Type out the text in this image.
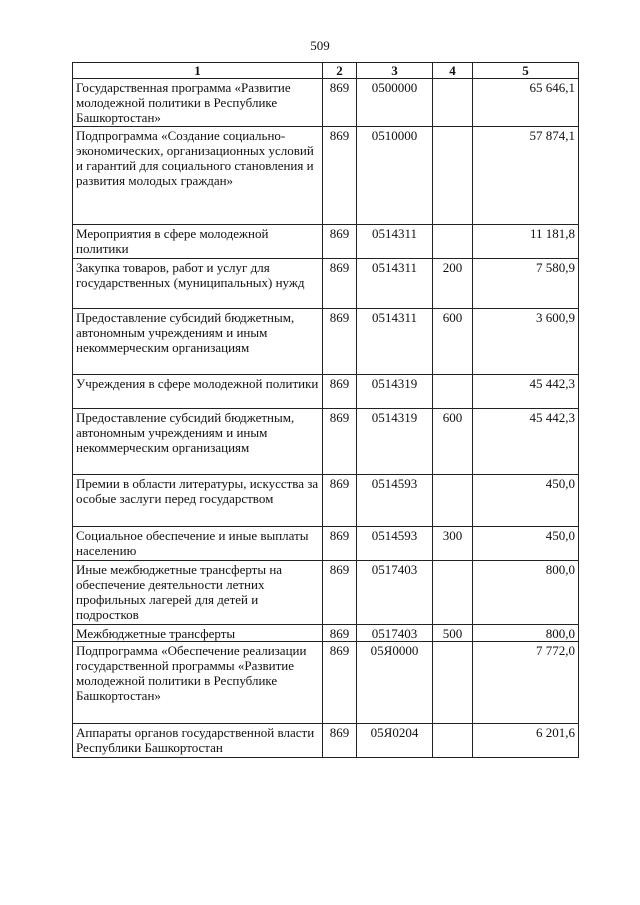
509
1	2	3	4	5
Государственная программа «Развитие молодежной политики в Республике Башкортостан»	869	0500000		65 646,1
Подпрограмма «Создание социально-экономических, организационных условий и гарантий для социального становления и развития молодых граждан»	869	0510000		57 874,1
Мероприятия в сфере молодежной политики	869	0514311		11 181,8
Закупка товаров, работ и услуг для государственных (муниципальных) нужд	869	0514311	200	7 580,9
Предоставление субсидий бюджетным, автономным учреждениям и иным некоммерческим организациям	869	0514311	600	3 600,9
Учреждения в сфере молодежной политики	869	0514319		45 442,3
Предоставление субсидий бюджетным, автономным учреждениям и иным некоммерческим организациям	869	0514319	600	45 442,3
Премии в области литературы, искусства за особые заслуги перед государством	869	0514593		450,0
Социальное обеспечение и иные выплаты населению	869	0514593	300	450,0
Иные межбюджетные трансферты на обеспечение деятельности летних профильных лагерей для детей и подростков	869	0517403		800,0
Межбюджетные трансферты	869	0517403	500	800,0
Подпрограмма «Обеспечение реализации государственной программы «Развитие молодежной политики в Республике Башкортостан»	869	05Я0000		7 772,0
Аппараты органов государственной власти Республики Башкортостан	869	05Я0204		6 201,6
